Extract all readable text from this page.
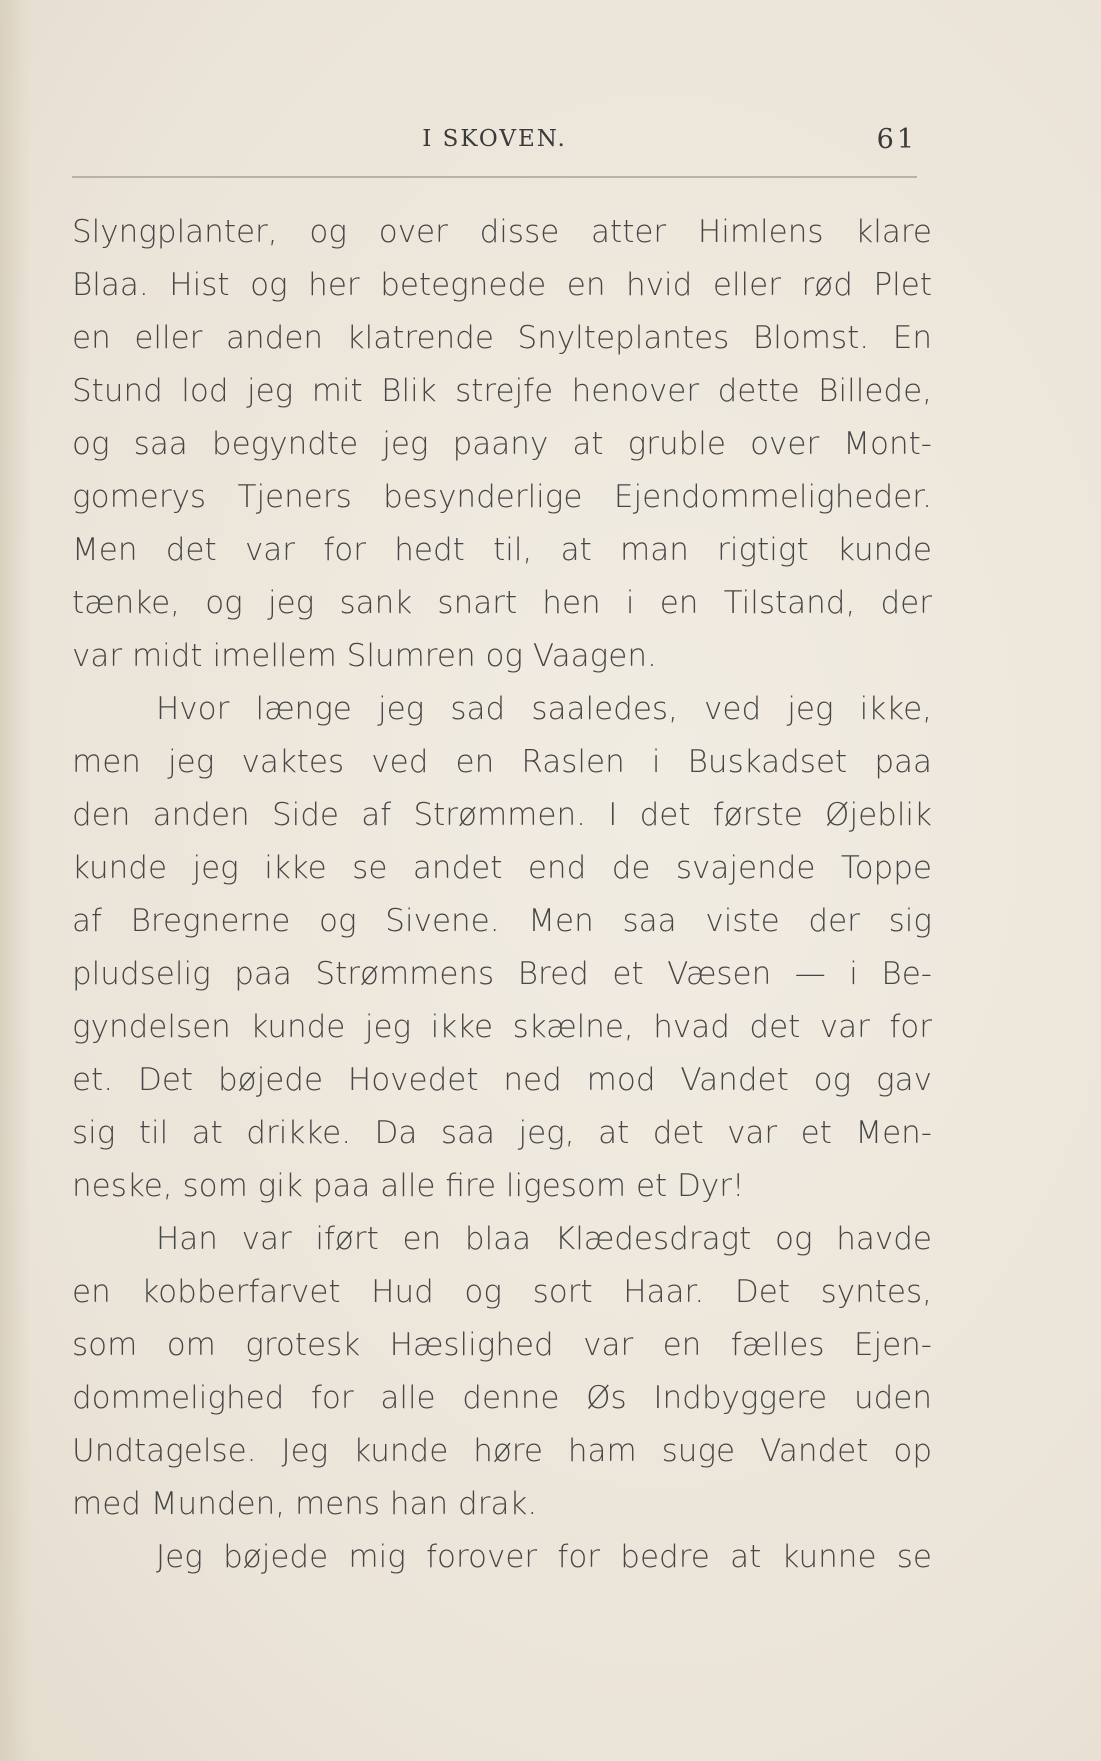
I SKOVEN.	61
Slyngplanter, og over disse atter Himlens klare
Blaa. Hist og her betegnede en hvid eller rød Plet
en eller anden klatrende Snylteplantes Blomst. En
Stund lod jeg mit Blik strejfe henover dette Billede,
og saa begyndte jeg paany at gruble over Mont-
gomerys Tjeners besynderlige Ejendommeligheder.
Men det var for hedt til, at man rigtigt kunde
tænke, og jeg sank snart hen i en Tilstand, der
var midt imellem Slumren og Vaagen.
Hvor længe jeg sad saaledes, ved jeg ikke,
men jeg vaktes ved en Raslen i Buskadset paa
den anden Side af Strømmen. I det første Øjeblik
kunde jeg ikke se andet end de svajende Toppe
af Bregnerne og Sivene. Men saa viste der sig
pludselig paa Strømmens Bred et Væsen — i Be-
gyndelsen kunde jeg ikke skælne, hvad det var for
et. Det bøjede Hovedet ned mod Vandet og gav
sig til at drikke. Da saa jeg, at det var et Men-
neske, som gik paa alle fire ligesom et Dyr!
Han var iført en blaa Klædesdragt og havde
en kobberfarvet Hud og sort Haar. Det syntes,
som om grotesk Hæslighed var en fælles Ejen-
dommelighed for alle denne Øs Indbyggere uden
Undtagelse. Jeg kunde høre ham suge Vandet op
med Munden, mens han drak.
Jeg bøjede mig forover for bedre at kunne se
